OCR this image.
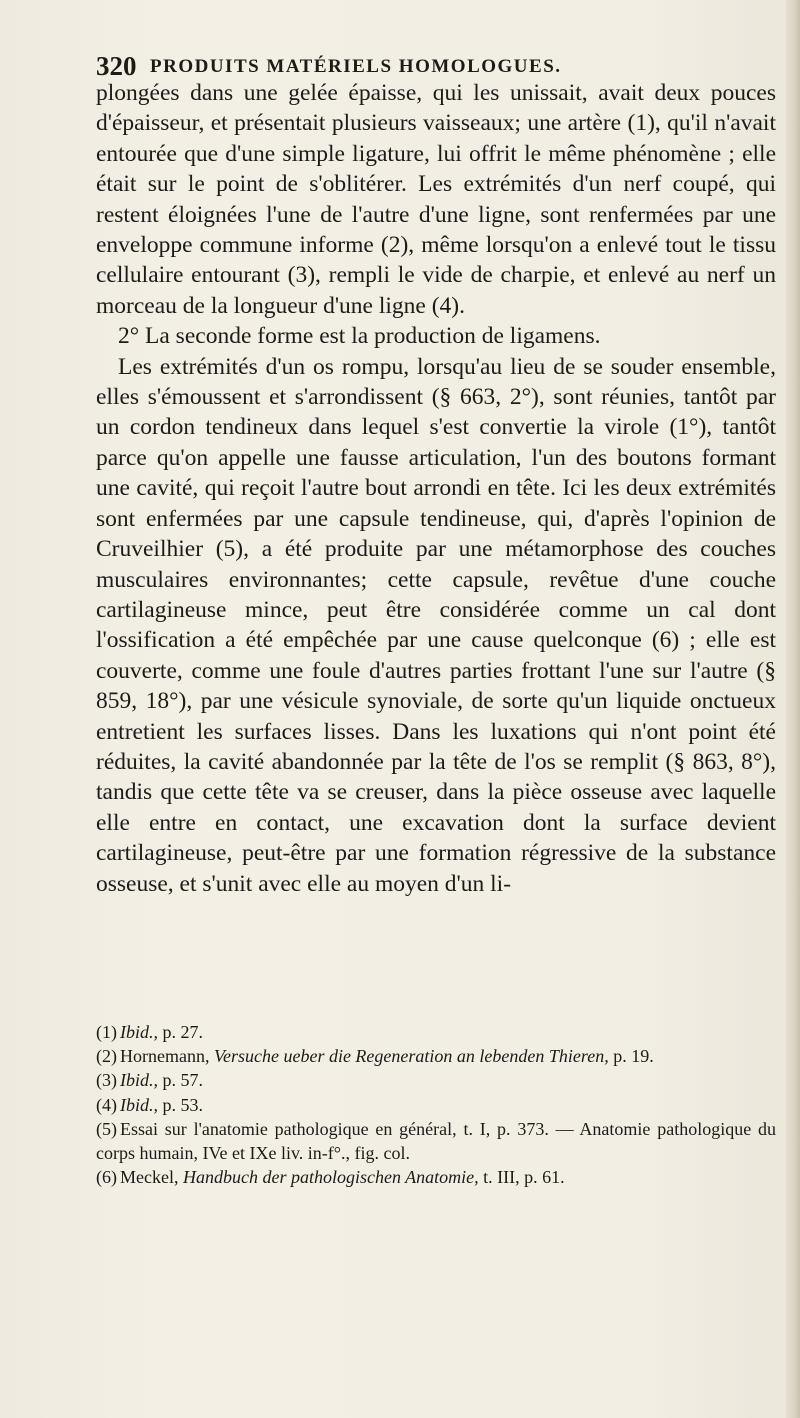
320 PRODUITS MATÉRIELS HOMOLOGUES.

plongées dans une gelée épaisse, qui les unissait, avait deux pouces d'épaisseur, et présentait plusieurs vaisseaux; une artère (1), qu'il n'avait entourée que d'une simple ligature, lui offrit le même phénomène ; elle était sur le point de s'oblitérer. Les extrémités d'un nerf coupé, qui restent éloignées l'une de l'autre d'une ligne, sont renfermées par une enveloppe commune informe (2), même lorsqu'on a enlevé tout le tissu cellulaire entourant (3), rempli le vide de charpie, et enlevé au nerf un morceau de la longueur d'une ligne (4).

2° La seconde forme est la production de ligamens.

Les extrémités d'un os rompu, lorsqu'au lieu de se souder ensemble, elles s'émoussent et s'arrondissent (§ 663, 2°), sont réunies, tantôt par un cordon tendineux dans lequel s'est convertie la virole (1°), tantôt parce qu'on appelle une fausse articulation, l'un des boutons formant une cavité, qui reçoit l'autre bout arrondi en tête. Ici les deux extrémités sont enfermées par une capsule tendineuse, qui, d'après l'opinion de Cruveilhier (5), a été produite par une métamorphose des couches musculaires environnantes; cette capsule, revêtue d'une couche cartilagineuse mince, peut être considérée comme un cal dont l'ossification a été empêchée par une cause quelconque (6) ; elle est couverte, comme une foule d'autres parties frottant l'une sur l'autre (§ 859, 18°), par une vésicule synoviale, de sorte qu'un liquide onctueux entretient les surfaces lisses. Dans les luxations qui n'ont point été réduites, la cavité abandonnée par la tête de l'os se remplit (§ 863, 8°), tandis que cette tête va se creuser, dans la pièce osseuse avec laquelle elle entre en contact, une excavation dont la surface devient cartilagineuse, peut-être par une formation régressive de la substance osseuse, et s'unit avec elle au moyen d'un li-

(1) Ibid., p. 27.

(2) Hornemann, Versuche ueber die Regeneration an lebenden Thieren, p. 19.

(3) Ibid., p. 57.

(4) Ibid., p. 53.

(5) Essai sur l'anatomie pathologique en général, t. I, p. 373. — Anatomie pathologique du corps humain, IVe et IXe liv. in-f°., fig. col.

(6) Meckel, Handbuch der pathologischen Anatomie, t. III, p. 61.
